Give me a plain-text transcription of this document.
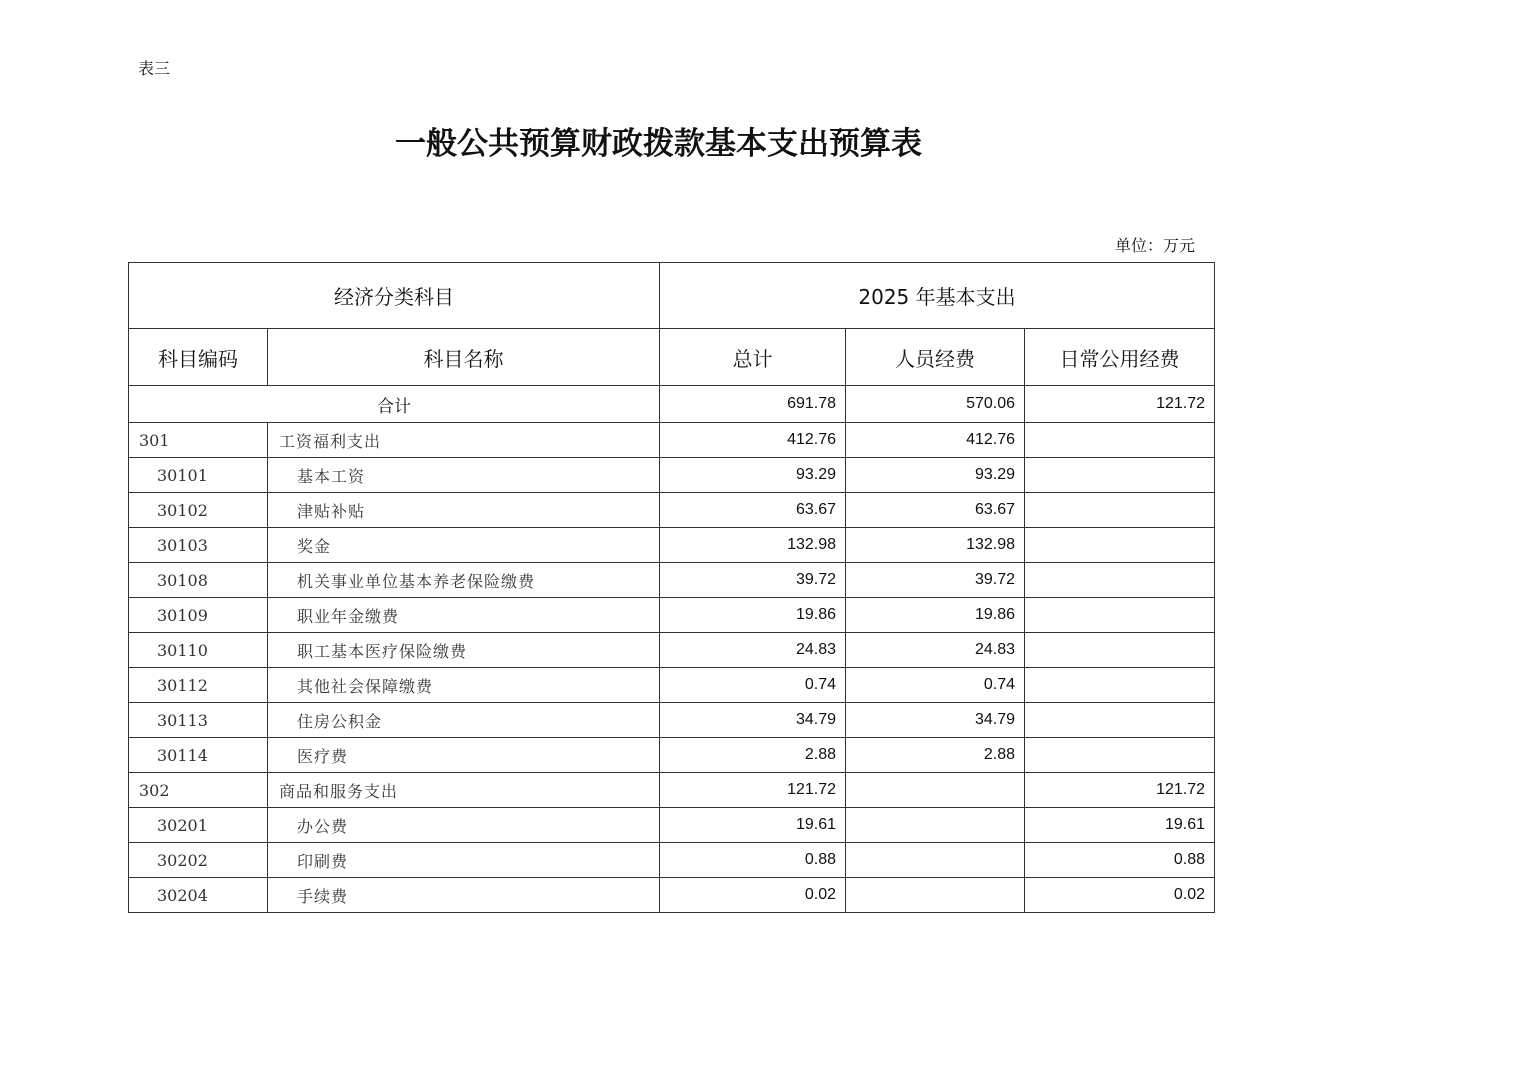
表三
一般公共预算财政拨款基本支出预算表
单位：万元
经济分类科目		2025 年基本支出		
科目编码	科目名称	总计	人员经费	日常公用经费
合计		691.78	570.06	121.72
301	工资福利支出	412.76	412.76	
30101	基本工资	93.29	93.29	
30102	津贴补贴	63.67	63.67	
30103	奖金	132.98	132.98	
30108	机关事业单位基本养老保险缴费	39.72	39.72	
30109	职业年金缴费	19.86	19.86	
30110	职工基本医疗保险缴费	24.83	24.83	
30112	其他社会保障缴费	0.74	0.74	
30113	住房公积金	34.79	34.79	
30114	医疗费	2.88	2.88	
302	商品和服务支出	121.72		121.72
30201	办公费	19.61		19.61
30202	印刷费	0.88		0.88
30204	手续费	0.02		0.02
